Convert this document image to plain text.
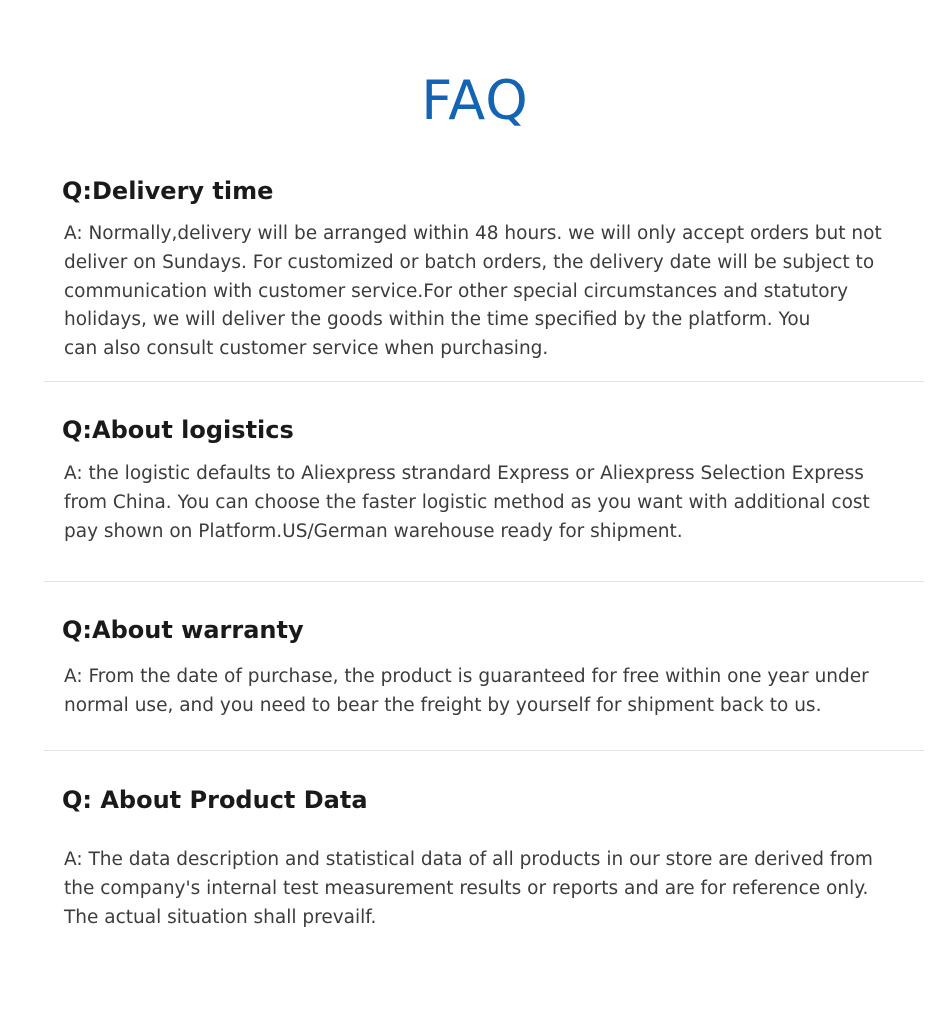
FAQ
Q:Delivery time

A: Normally,delivery will be arranged within 48 hours. we will only accept orders but not
deliver on Sundays. For customized or batch orders, the delivery date will be subject to
communication with customer service.For other special circumstances and statutory
holidays, we will deliver the goods within the time specified by the platform. You
can also consult customer service when purchasing.

Q:About logistics

A: the logistic defaults to Aliexpress strandard Express or Aliexpress Selection Express
from China. You can choose the faster logistic method as you want with additional cost
pay shown on Platform.US/German warehouse ready for shipment.

Q:About warranty

A: From the date of purchase, the product is guaranteed for free within one year under
normal use, and you need to bear the freight by yourself for shipment back to us.

Q: About Product Data

A: The data description and statistical data of all products in our store are derived from
the company's internal test measurement results or reports and are for reference only.
The actual situation shall prevailf.
